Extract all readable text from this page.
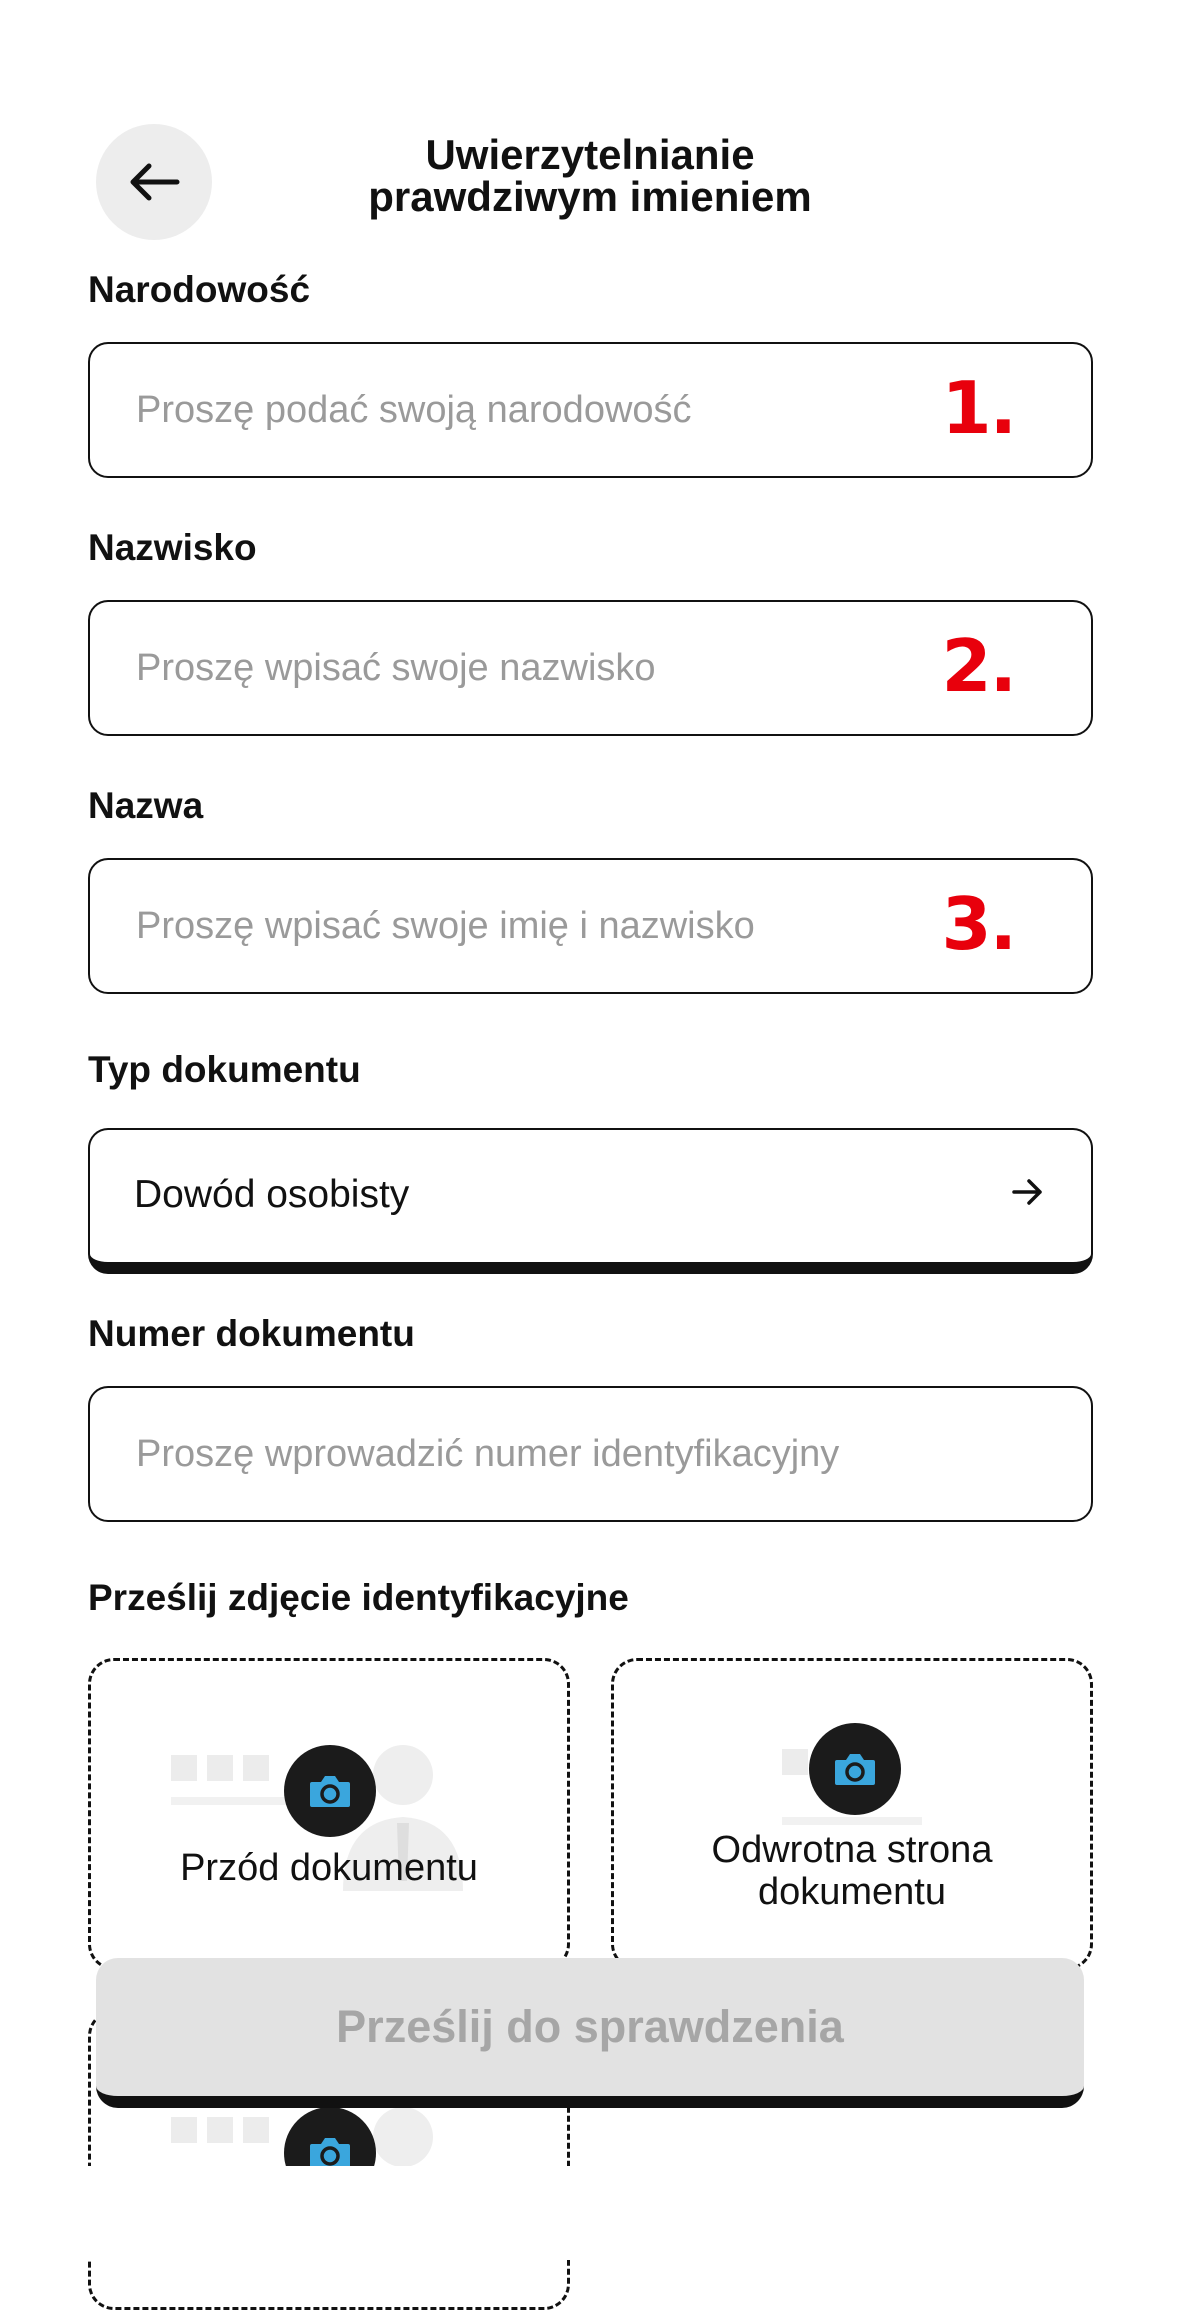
Uwierzytelnianie
prawdziwym imieniem
Narodowość
Proszę podać swoją narodowość
1.
Nazwisko
Proszę wpisać swoje nazwisko
2.
Nazwa
Proszę wpisać swoje imię i nazwisko
3.
Typ dokumentu
Dowód osobisty
Numer dokumentu
Proszę wprowadzić numer identyfikacyjny
Prześlij zdjęcie identyfikacyjne
Przód dokumentu	Odwrotna strona
dokumentu
Prześlij do sprawdzenia
